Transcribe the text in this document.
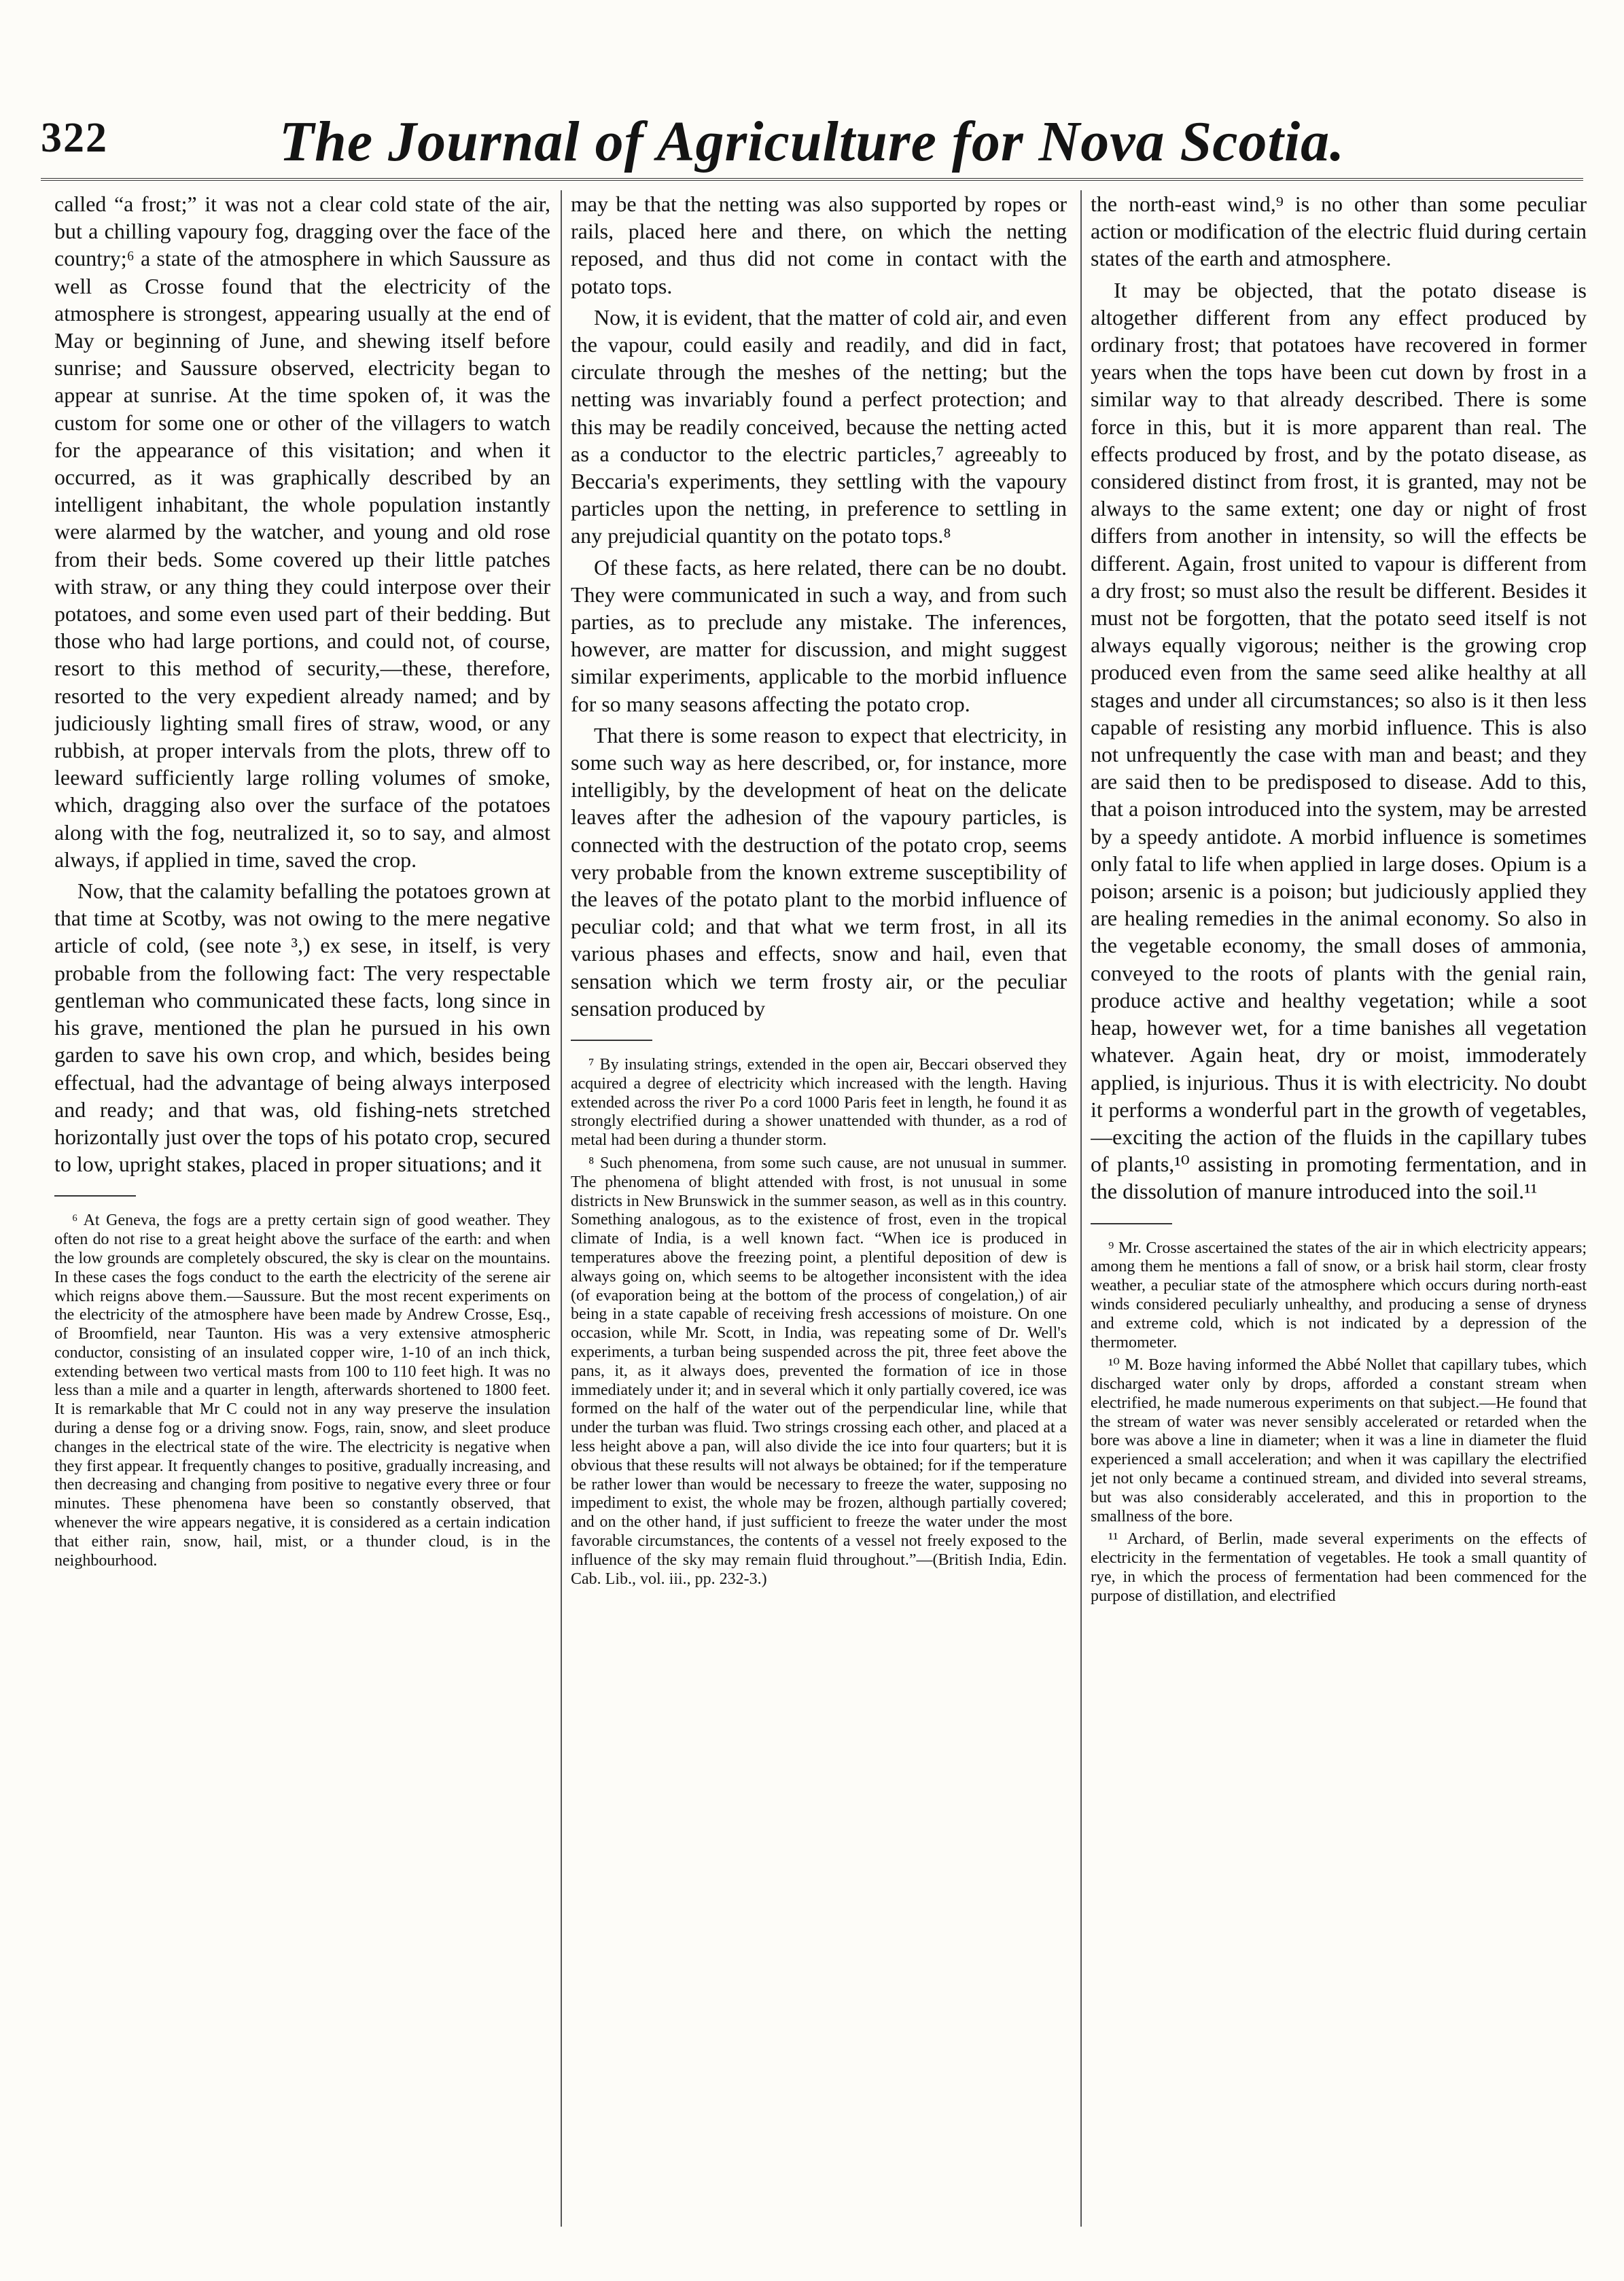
322	The Journal of Agriculture for Nova Scotia.

called “a frost;” it was not a clear cold state of the air, but a chilling vapoury fog, dragging over the face of the country;⁶ a state of the atmosphere in which Saussure as well as Crosse found that the electricity of the atmosphere is strongest, appearing usually at the end of May or beginning of June, and shewing itself before sunrise; and Saussure observed, electricity began to appear at sunrise. At the time spoken of, it was the custom for some one or other of the villagers to watch for the appearance of this visitation; and when it occurred, as it was graphically described by an intelligent inhabitant, the whole population instantly were alarmed by the watcher, and young and old rose from their beds. Some covered up their little patches with straw, or any thing they could interpose over their potatoes, and some even used part of their bedding. But those who had large portions, and could not, of course, resort to this method of security,—these, therefore, resorted to the very expedient already named; and by judiciously lighting small fires of straw, wood, or any rubbish, at proper intervals from the plots, threw off to leeward sufficiently large rolling volumes of smoke, which, dragging also over the surface of the potatoes along with the fog, neutralized it, so to say, and almost always, if applied in time, saved the crop.

Now, that the calamity befalling the potatoes grown at that time at Scotby, was not owing to the mere negative article of cold, (see note ³,) ex sese, in itself, is very probable from the following fact: The very respectable gentleman who communicated these facts, long since in his grave, mentioned the plan he pursued in his own garden to save his own crop, and which, besides being effectual, had the advantage of being always interposed and ready; and that was, old fishing-nets stretched horizontally just over the tops of his potato crop, secured to low, upright stakes, placed in proper situations; and it

⁶ At Geneva, the fogs are a pretty certain sign of good weather. They often do not rise to a great height above the surface of the earth: and when the low grounds are completely obscured, the sky is clear on the mountains. In these cases the fogs conduct to the earth the electricity of the serene air which reigns above them.—Saussure. But the most recent experiments on the electricity of the atmosphere have been made by Andrew Crosse, Esq., of Broomfield, near Taunton. His was a very extensive atmospheric conductor, consisting of an insulated copper wire, 1-10 of an inch thick, extending between two vertical masts from 100 to 110 feet high. It was no less than a mile and a quarter in length, afterwards shortened to 1800 feet. It is remarkable that Mr C could not in any way preserve the insulation during a dense fog or a driving snow. Fogs, rain, snow, and sleet produce changes in the electrical state of the wire. The electricity is negative when they first appear. It frequently changes to positive, gradually increasing, and then decreasing and changing from positive to negative every three or four minutes. These phenomena have been so constantly observed, that whenever the wire appears negative, it is considered as a certain indication that either rain, snow, hail, mist, or a thunder cloud, is in the neighbourhood.

may be that the netting was also supported by ropes or rails, placed here and there, on which the netting reposed, and thus did not come in contact with the potato tops.

Now, it is evident, that the matter of cold air, and even the vapour, could easily and readily, and did in fact, circulate through the meshes of the netting; but the netting was invariably found a perfect protection; and this may be readily conceived, because the netting acted as a conductor to the electric particles,⁷ agreeably to Beccaria's experiments, they settling with the vapoury particles upon the netting, in preference to settling in any prejudicial quantity on the potato tops.⁸

Of these facts, as here related, there can be no doubt. They were communicated in such a way, and from such parties, as to preclude any mistake. The inferences, however, are matter for discussion, and might suggest similar experiments, applicable to the morbid influence for so many seasons affecting the potato crop.

That there is some reason to expect that electricity, in some such way as here described, or, for instance, more intelligibly, by the development of heat on the delicate leaves after the adhesion of the vapoury particles, is connected with the destruction of the potato crop, seems very probable from the known extreme susceptibility of the leaves of the potato plant to the morbid influence of peculiar cold; and that what we term frost, in all its various phases and effects, snow and hail, even that sensation which we term frosty air, or the peculiar sensation produced by

⁷ By insulating strings, extended in the open air, Beccari observed they acquired a degree of electricity which increased with the length. Having extended across the river Po a cord 1000 Paris feet in length, he found it as strongly electrified during a shower unattended with thunder, as a rod of metal had been during a thunder storm.

⁸ Such phenomena, from some such cause, are not unusual in summer. The phenomena of blight attended with frost, is not unusual in some districts in New Brunswick in the summer season, as well as in this country. Something analogous, as to the existence of frost, even in the tropical climate of India, is a well known fact. “When ice is produced in temperatures above the freezing point, a plentiful deposition of dew is always going on, which seems to be altogether inconsistent with the idea (of evaporation being at the bottom of the process of congelation,) of air being in a state capable of receiving fresh accessions of moisture. On one occasion, while Mr. Scott, in India, was repeating some of Dr. Well's experiments, a turban being suspended across the pit, three feet above the pans, it, as it always does, prevented the formation of ice in those immediately under it; and in several which it only partially covered, ice was formed on the half of the water out of the perpendicular line, while that under the turban was fluid. Two strings crossing each other, and placed at a less height above a pan, will also divide the ice into four quarters; but it is obvious that these results will not always be obtained; for if the temperature be rather lower than would be necessary to freeze the water, supposing no impediment to exist, the whole may be frozen, although partially covered; and on the other hand, if just sufficient to freeze the water under the most favorable circumstances, the contents of a vessel not freely exposed to the influence of the sky may remain fluid throughout.”—(British India, Edin. Cab. Lib., vol. iii., pp. 232-3.)

the north-east wind,⁹ is no other than some peculiar action or modification of the electric fluid during certain states of the earth and atmosphere.

It may be objected, that the potato disease is altogether different from any effect produced by ordinary frost; that potatoes have recovered in former years when the tops have been cut down by frost in a similar way to that already described. There is some force in this, but it is more apparent than real. The effects produced by frost, and by the potato disease, as considered distinct from frost, it is granted, may not be always to the same extent; one day or night of frost differs from another in intensity, so will the effects be different. Again, frost united to vapour is different from a dry frost; so must also the result be different. Besides it must not be forgotten, that the potato seed itself is not always equally vigorous; neither is the growing crop produced even from the same seed alike healthy at all stages and under all circumstances; so also is it then less capable of resisting any morbid influence. This is also not unfrequently the case with man and beast; and they are said then to be predisposed to disease. Add to this, that a poison introduced into the system, may be arrested by a speedy antidote. A morbid influence is sometimes only fatal to life when applied in large doses. Opium is a poison; arsenic is a poison; but judiciously applied they are healing remedies in the animal economy. So also in the vegetable economy, the small doses of ammonia, conveyed to the roots of plants with the genial rain, produce active and healthy vegetation; while a soot heap, however wet, for a time banishes all vegetation whatever. Again heat, dry or moist, immoderately applied, is injurious. Thus it is with electricity. No doubt it performs a wonderful part in the growth of vegetables,—exciting the action of the fluids in the capillary tubes of plants,¹⁰ assisting in promoting fermentation, and in the dissolution of manure introduced into the soil.¹¹

⁹ Mr. Crosse ascertained the states of the air in which electricity appears; among them he mentions a fall of snow, or a brisk hail storm, clear frosty weather, a peculiar state of the atmosphere which occurs during north-east winds considered peculiarly unhealthy, and producing a sense of dryness and extreme cold, which is not indicated by a depression of the thermometer.

¹⁰ M. Boze having informed the Abbé Nollet that capillary tubes, which discharged water only by drops, afforded a constant stream when electrified, he made numerous experiments on that subject.—He found that the stream of water was never sensibly accelerated or retarded when the bore was above a line in diameter; when it was a line in diameter the fluid experienced a small acceleration; and when it was capillary the electrified jet not only became a continued stream, and divided into several streams, but was also considerably accelerated, and this in proportion to the smallness of the bore.

¹¹ Archard, of Berlin, made several experiments on the effects of electricity in the fermentation of vegetables. He took a small quantity of rye, in which the process of fermentation had been commenced for the purpose of distillation, and electrified
